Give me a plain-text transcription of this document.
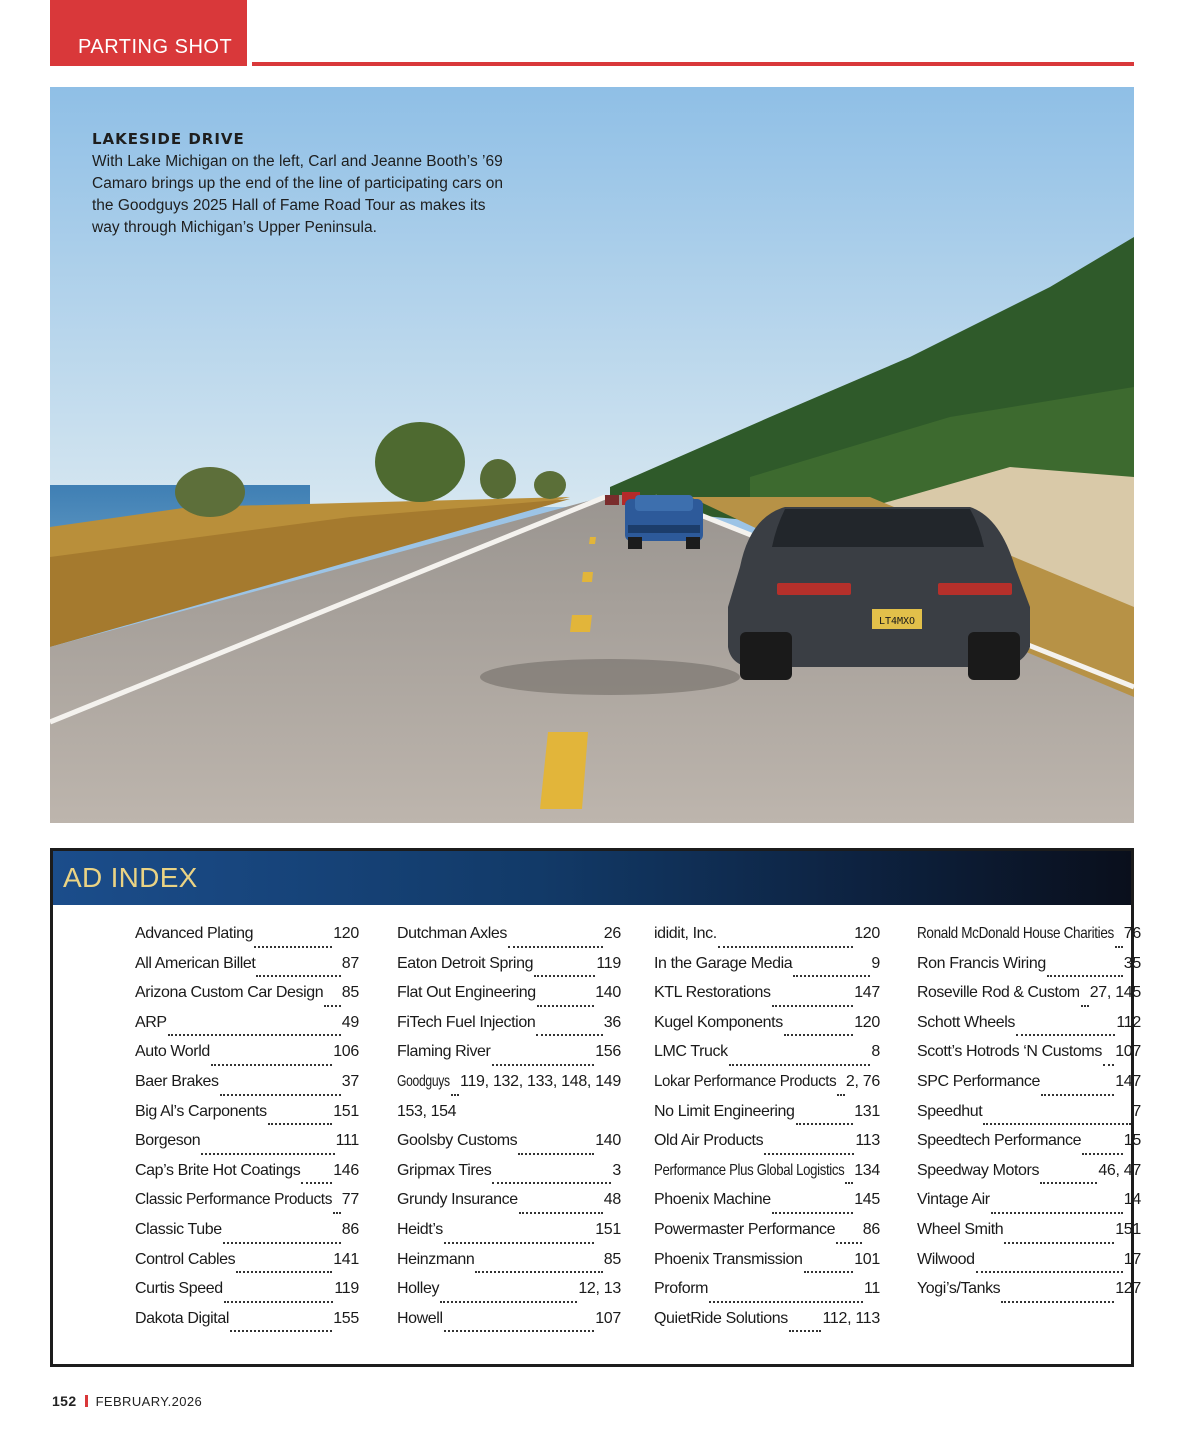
PARTING SHOT
LT4MXO
LAKESIDE DRIVE
With Lake Michigan on the left, Carl and Jeanne Booth’s ’69
Camaro brings up the end of the line of participating cars on
the Goodguys 2025 Hall of Fame Road Tour as makes its
way through Michigan’s Upper Peninsula.
AD INDEX
Advanced Plating	120
All American Billet	87
Arizona Custom Car Design 85
ARP	49
Auto World	106
Baer Brakes	37
Big Al’s Carponents	151
Borgeson	111
Cap’s Brite Hot Coatings 146
Classic Performance Products 77
Classic Tube	86
Control Cables	141
Curtis Speed	119
Dakota Digital	155
Dutchman Axles	26
Eaton Detroit Spring	119
Flat Out Engineering	140
FiTech Fuel Injection	36
Flaming River	156
Goodguys 119, 132, 133, 148, 149
153, 154
Goolsby Customs	140
Gripmax Tires	3
Grundy Insurance	48
Heidt’s	151
Heinzmann	85
Holley	12, 13
Howell	107
ididit, Inc.	120
In the Garage Media	9
KTL Restorations	147
Kugel Komponents	120
LMC Truck	8
Lokar Performance Products 2, 76
No Limit Engineering	131
Old Air Products	113
Performance Plus Global Logistics 134
Phoenix Machine	145
Powermaster Performance 86
Phoenix Transmission	101
Proform	11
QuietRide Solutions 112, 113
Ronald McDonald House Charities 76
Ron Francis Wiring	35
Roseville Rod & Custom 27, 145
Schott Wheels	112
Scott’s Hotrods ‘N Customs 107
SPC Performance	147
Speedhut	7
Speedtech Performance	15
Speedway Motors	46, 47
Vintage Air	14
Wheel Smith	151
Wilwood	17
Yogi’s/Tanks	127
152 FEBRUARY.2026
